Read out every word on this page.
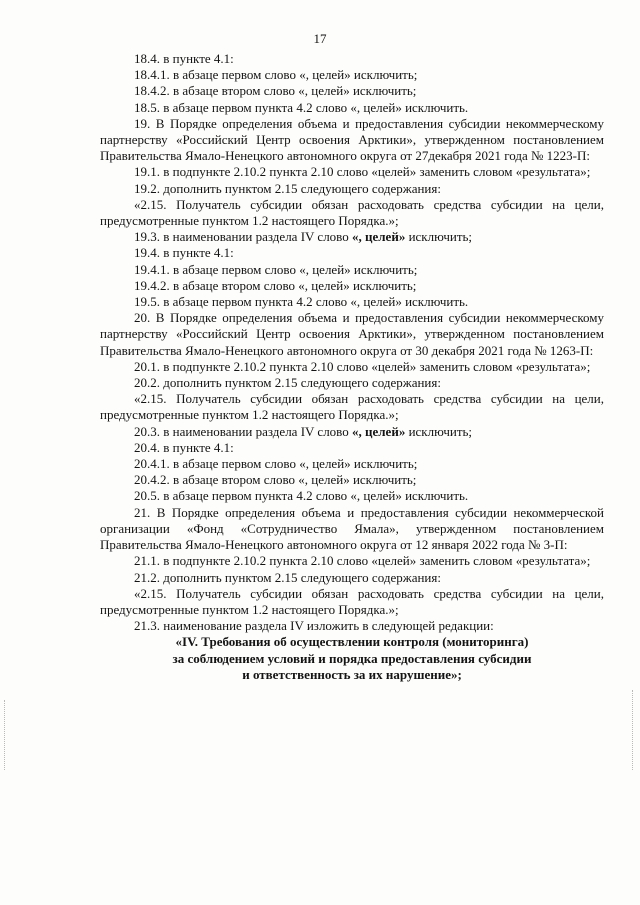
17

18.4. в пункте 4.1:

18.4.1. в абзаце первом слово «, целей» исключить;

18.4.2. в абзаце втором слово «, целей» исключить;

18.5. в абзаце первом пункта 4.2 слово «, целей» исключить.

19. В Порядке определения объема и предоставления субсидии некоммерческому партнерству «Российский Центр освоения Арктики», утвержденном постановлением Правительства Ямало-Ненецкого автономного округа от 27декабря 2021 года № 1223-П:

19.1. в подпункте 2.10.2 пункта 2.10 слово «целей» заменить словом «результата»;

19.2. дополнить пунктом 2.15 следующего содержания:

«2.15. Получатель субсидии обязан расходовать средства субсидии на цели, предусмотренные пунктом 1.2 настоящего Порядка.»;

19.3. в наименовании раздела IV слово «, целей» исключить;

19.4. в пункте 4.1:

19.4.1. в абзаце первом слово «, целей» исключить;

19.4.2. в абзаце втором слово «, целей» исключить;

19.5. в абзаце первом пункта 4.2 слово «, целей» исключить.

20. В Порядке определения объема и предоставления субсидии некоммерческому партнерству «Российский Центр освоения Арктики», утвержденном постановлением Правительства Ямало-Ненецкого автономного округа от 30 декабря 2021 года № 1263-П:

20.1. в подпункте 2.10.2 пункта 2.10 слово «целей» заменить словом «результата»;

20.2. дополнить пунктом 2.15 следующего содержания:

«2.15. Получатель субсидии обязан расходовать средства субсидии на цели, предусмотренные пунктом 1.2 настоящего Порядка.»;

20.3. в наименовании раздела IV слово «, целей» исключить;

20.4. в пункте 4.1:

20.4.1. в абзаце первом слово «, целей» исключить;

20.4.2. в абзаце втором слово «, целей» исключить;

20.5. в абзаце первом пункта 4.2 слово «, целей» исключить.

21. В Порядке определения объема и предоставления субсидии некоммерческой организации «Фонд «Сотрудничество Ямала», утвержденном постановлением Правительства Ямало-Ненецкого автономного округа от 12 января 2022 года № 3-П:

21.1. в подпункте 2.10.2 пункта 2.10 слово «целей» заменить словом «результата»;

21.2. дополнить пунктом 2.15 следующего содержания:

«2.15. Получатель субсидии обязан расходовать средства субсидии на цели, предусмотренные пунктом 1.2 настоящего Порядка.»;

21.3. наименование раздела IV изложить в следующей редакции:

«IV. Требования об осуществлении контроля (мониторинга)

за соблюдением условий и порядка предоставления субсидии

и ответственность за их нарушение»;
